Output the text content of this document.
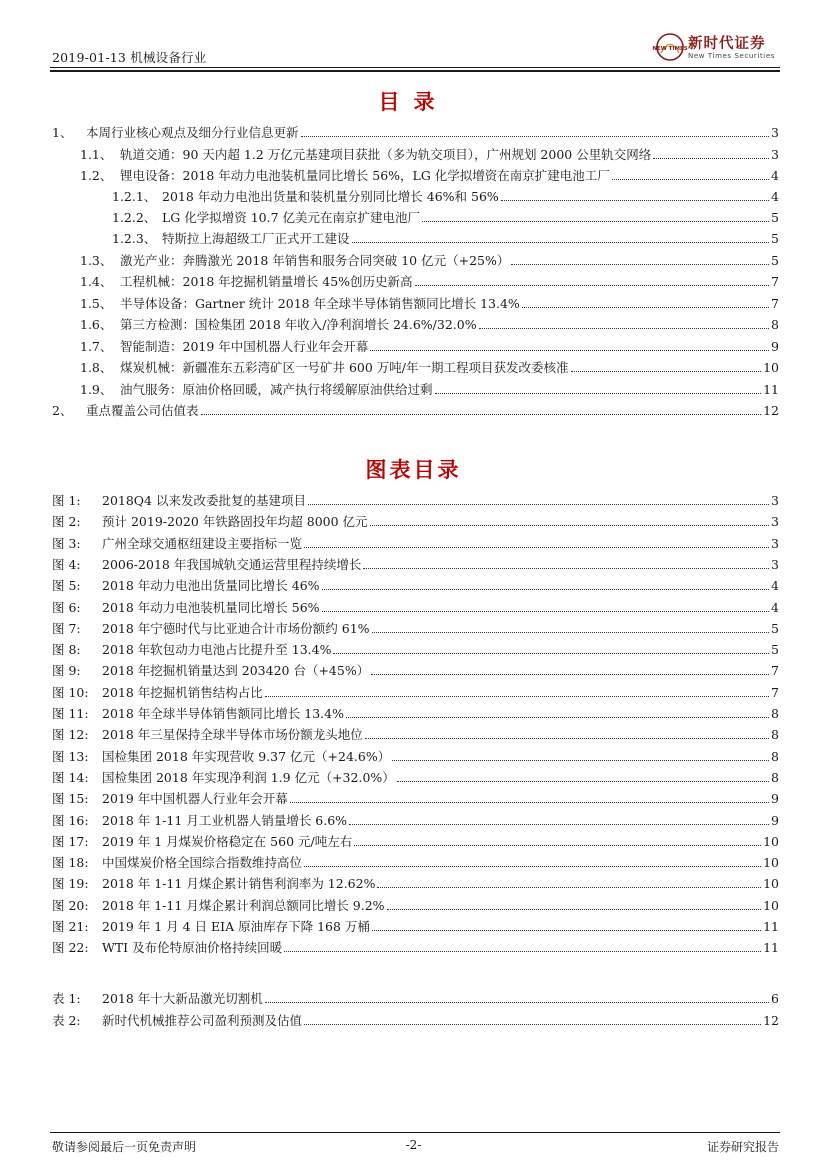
2019-01-13 机械设备行业
NEW TIMES 新时代证券
New Times Securities
目录
1、	本周行业核心观点及细分行业信息更新	3
1.1、 轨道交通：90 天内超 1.2 万亿元基建项目获批（多为轨交项目），广州规划 2000 公里轨交网络	3
1.2、 锂电设备：2018 年动力电池装机量同比增长 56%，LG 化学拟增资在南京扩建电池工厂	4
1.2.1、 2018 年动力电池出货量和装机量分别同比增长 46%和 56%	4
1.2.2、 LG 化学拟增资 10.7 亿美元在南京扩建电池厂	5
1.2.3、 特斯拉上海超级工厂正式开工建设	5
1.3、 激光产业：奔腾激光 2018 年销售和服务合同突破 10 亿元（+25%）	5
1.4、 工程机械：2018 年挖掘机销量增长 45%创历史新高	7
1.5、 半导体设备：Gartner 统计 2018 年全球半导体销售额同比增长 13.4%	7
1.6、 第三方检测：国检集团 2018 年收入/净利润增长 24.6%/32.0%	8
1.7、 智能制造：2019 年中国机器人行业年会开幕	9
1.8、 煤炭机械：新疆准东五彩湾矿区一号矿井 600 万吨/年一期工程项目获发改委核准	10
1.9、 油气服务：原油价格回暖，减产执行将缓解原油供给过剩	11
2、	重点覆盖公司估值表	12
图表目录
图 1:	2018Q4 以来发改委批复的基建项目	3
图 2:	预计 2019-2020 年铁路固投年均超 8000 亿元	3
图 3:	广州全球交通枢纽建设主要指标一览	3
图 4:	2006-2018 年我国城轨交通运营里程持续增长	3
图 5:	2018 年动力电池出货量同比增长 46%	4
图 6:	2018 年动力电池装机量同比增长 56%	4
图 7:	2018 年宁德时代与比亚迪合计市场份额约 61%	5
图 8:	2018 年软包动力电池占比提升至 13.4%	5
图 9:	2018 年挖掘机销量达到 203420 台（+45%）	7
图 10:	2018 年挖掘机销售结构占比	7
图 11:	2018 年全球半导体销售额同比增长 13.4%	8
图 12:	2018 年三星保持全球半导体市场份额龙头地位	8
图 13:	国检集团 2018 年实现营收 9.37 亿元（+24.6%）	8
图 14:	国检集团 2018 年实现净利润 1.9 亿元（+32.0%）	8
图 15:	2019 年中国机器人行业年会开幕	9
图 16:	2018 年 1-11 月工业机器人销量增长 6.6%	9
图 17:	2019 年 1 月煤炭价格稳定在 560 元/吨左右	10
图 18:	中国煤炭价格全国综合指数维持高位	10
图 19:	2018 年 1-11 月煤企累计销售利润率为 12.62%	10
图 20:	2018 年 1-11 月煤企累计利润总额同比增长 9.2%	10
图 21:	2019 年 1 月 4 日 EIA 原油库存下降 168 万桶	11
图 22:	WTI 及布伦特原油价格持续回暖	11
表 1:	2018 年十大新品激光切割机	6
表 2:	新时代机械推荐公司盈利预测及估值	12
敬请参阅最后一页免责声明	-2-	证券研究报告
